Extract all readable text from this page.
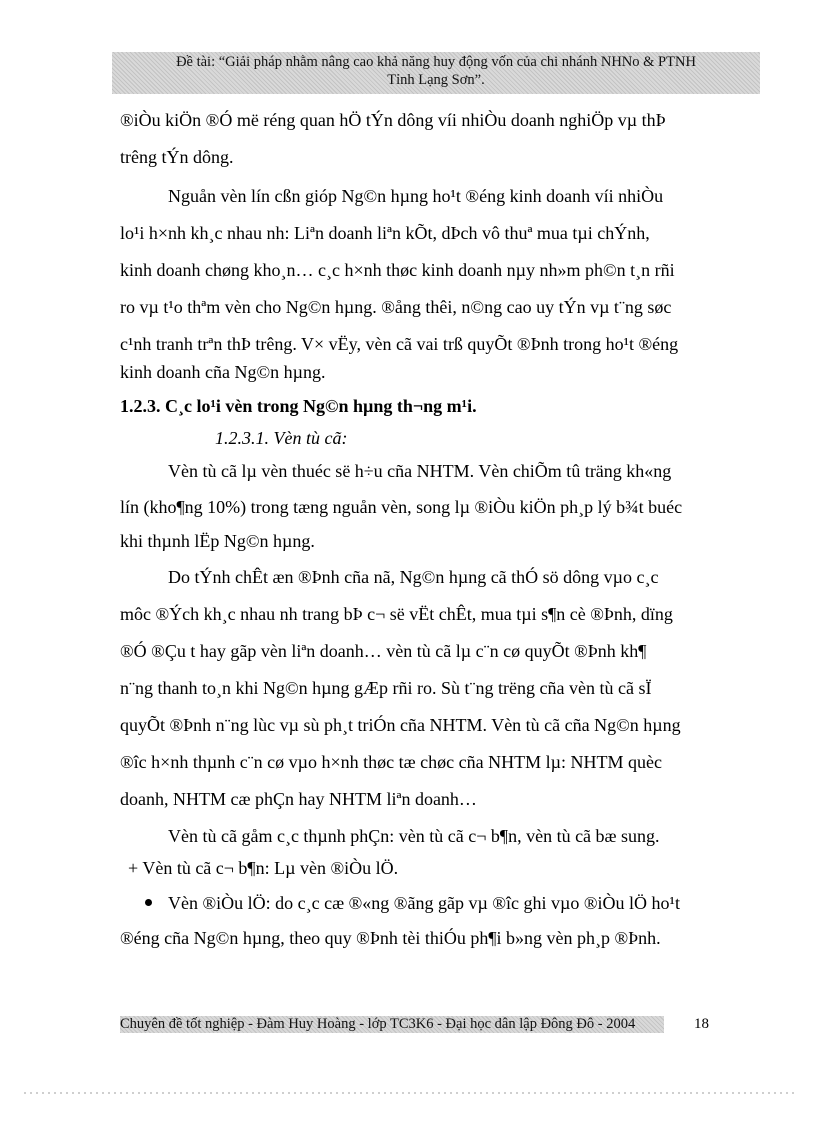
Đề tài: “Giải pháp nhằm nâng cao khả năng huy động vốn của chi nhánh NHNo & PTNH
Tỉnh Lạng Sơn”.
®iÒu kiÖn ®Ó më réng quan hÖ tÝn dông víi nhiÒu doanh nghiÖp vµ thÞ
trêng tÝn dông.
Nguån vèn lín cßn gióp Ng©n hµng ho¹t ®éng kinh doanh víi nhiÒu
lo¹i h×nh kh¸c nhau nh: Liªn doanh liªn kÕt, dÞch vô thuª mua tµi chÝnh,
kinh doanh chøng kho¸n… c¸c h×nh thøc kinh doanh nµy nh»m ph©n t¸n rñi
ro vµ t¹o thªm vèn cho Ng©n hµng. ®ång thêi, n©ng cao uy tÝn vµ t¨ng søc
c¹nh tranh trªn thÞ trêng. V× vËy, vèn cã vai trß quyÕt ®Þnh trong ho¹t ®éng
kinh doanh cña Ng©n hµng.
1.2.3. C¸c lo¹i vèn trong Ng©n hµng th¬ng m¹i.
1.2.3.1. Vèn tù cã:
Vèn tù cã lµ vèn thuéc së h÷u cña NHTM. Vèn chiÕm tû träng kh«ng
lín (kho¶ng 10%) trong tæng nguån vèn, song lµ ®iÒu kiÖn ph¸p lý b¾t buéc
khi thµnh lËp Ng©n hµng.
Do tÝnh chÊt æn ®Þnh cña nã, Ng©n hµng cã thÓ sö dông vµo c¸c
môc ®Ých kh¸c nhau nh trang bÞ c¬ së vËt chÊt, mua tµi s¶n cè ®Þnh, dïng
®Ó ®Çu t hay gãp vèn liªn doanh… vèn tù cã lµ c¨n cø quyÕt ®Þnh kh¶
n¨ng thanh to¸n khi Ng©n hµng gÆp rñi ro. Sù t¨ng trëng cña vèn tù cã sÏ
quyÕt ®Þnh n¨ng lùc vµ sù ph¸t triÓn cña NHTM. Vèn tù cã cña Ng©n hµng
®îc h×nh thµnh c¨n cø vµo h×nh thøc tæ chøc cña NHTM lµ: NHTM quèc
doanh, NHTM cæ phÇn hay NHTM liªn doanh…
Vèn tù cã gåm c¸c thµnh phÇn: vèn tù cã c¬ b¶n, vèn tù cã bæ sung.
+ Vèn tù cã c¬ b¶n: Lµ vèn ®iÒu lÖ.
Vèn ®iÒu lÖ: do c¸c cæ ®«ng ®ãng gãp vµ ®îc ghi vµo ®iÒu lÖ ho¹t
®éng cña Ng©n hµng, theo quy ®Þnh tèi thiÓu ph¶i b»ng vèn ph¸p ®Þnh.
Chuyên đề tốt nghiệp - Đàm Huy Hoàng - lớp TC3K6 - Đại học dân lập Đông Đô - 2004	18
